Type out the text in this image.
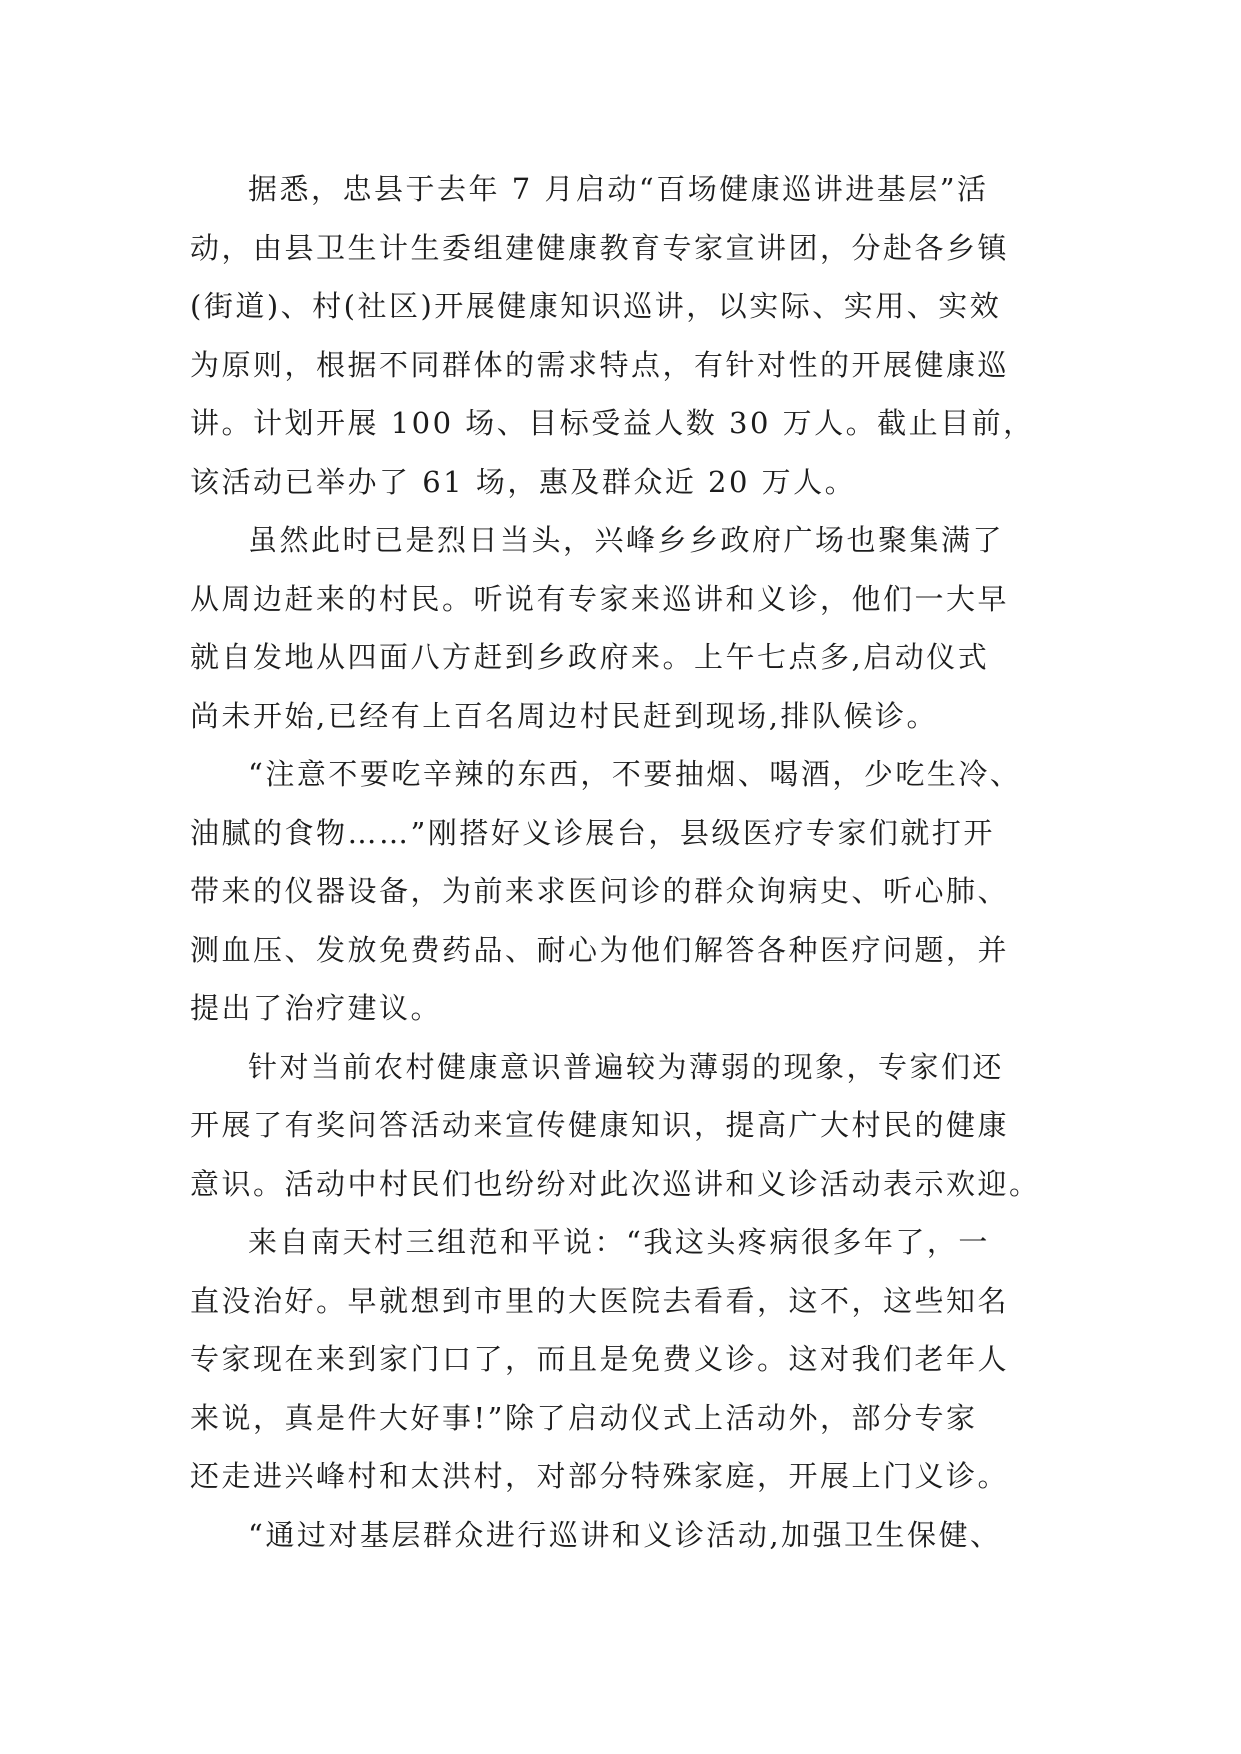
据悉，忠县于去年 7 月启动“百场健康巡讲进基层”活
动，由县卫生计生委组建健康教育专家宣讲团，分赴各乡镇
(街道)、村(社区)开展健康知识巡讲，以实际、实用、实效
为原则，根据不同群体的需求特点，有针对性的开展健康巡
讲。计划开展 100 场、目标受益人数 30 万人。截止目前，
该活动已举办了 61 场，惠及群众近 20 万人。
虽然此时已是烈日当头，兴峰乡乡政府广场也聚集满了
从周边赶来的村民。听说有专家来巡讲和义诊，他们一大早
就自发地从四面八方赶到乡政府来。上午七点多,启动仪式
尚未开始,已经有上百名周边村民赶到现场,排队候诊。
“注意不要吃辛辣的东西，不要抽烟、喝酒，少吃生冷、
油腻的食物……”刚搭好义诊展台，县级医疗专家们就打开
带来的仪器设备，为前来求医问诊的群众询病史、听心肺、
测血压、发放免费药品、耐心为他们解答各种医疗问题，并
提出了治疗建议。
针对当前农村健康意识普遍较为薄弱的现象，专家们还
开展了有奖问答活动来宣传健康知识，提高广大村民的健康
意识。活动中村民们也纷纷对此次巡讲和义诊活动表示欢迎。
来自南天村三组范和平说：“我这头疼病很多年了，一
直没治好。早就想到市里的大医院去看看，这不，这些知名
专家现在来到家门口了，而且是免费义诊。这对我们老年人
来说，真是件大好事!”除了启动仪式上活动外，部分专家
还走进兴峰村和太洪村，对部分特殊家庭，开展上门义诊。
“通过对基层群众进行巡讲和义诊活动,加强卫生保健、
